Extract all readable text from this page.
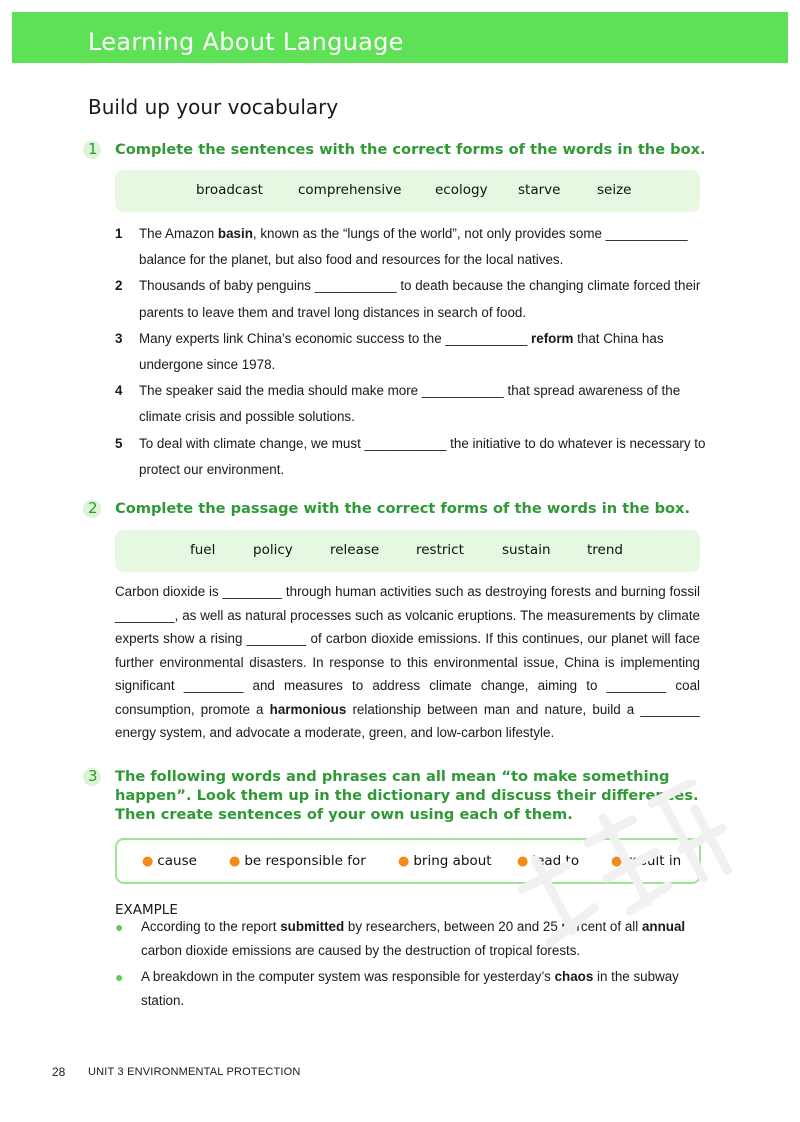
Learning About Language
Build up your vocabulary
1	Complete the sentences with the correct forms of the words in the box.

broadcast	comprehensive ecology starve	seize
1 The Amazon basin, known as the “lungs of the world”, not only provides some ___________ balance for the planet, but also food and resources for the local natives.
2 Thousands of baby penguins ___________ to death because the changing climate forced their parents to leave them and travel long distances in search of food.
3 Many experts link China’s economic success to the ___________ reform that China has undergone since 1978.
4 The speaker said the media should make more ___________ that spread awareness of the climate crisis and possible solutions.
5 To deal with climate change, we must ___________ the initiative to do whatever is necessary to protect our environment.
2	Complete the passage with the correct forms of the words in the box.

fuel	policy	release	restrict	sustain	trend

Carbon dioxide is ________ through human activities such as destroying forests and burning fossil ________, as well as natural processes such as volcanic eruptions. The measurements by climate experts show a rising ________ of carbon dioxide emissions. If this continues, our planet will face further environmental disasters. In response to this environmental issue, China is implementing significant ________ and measures to address climate change, aiming to ________ coal consumption, promote a harmonious relationship between man and nature, build a ________ energy system, and advocate a moderate, green, and low-carbon lifestyle.

3	The following words and phrases can all mean “to make something happen”. Look them up in the dictionary and discuss their differences. Then create sentences of your own using each of them.

● cause ● be responsible for ● bring about ● lead to ● result in
EXAMPLE
● According to the report submitted by researchers, between 20 and 25 percent of all annual carbon dioxide emissions are caused by the destruction of tropical forests.
● A breakdown in the computer system was responsible for yesterday’s chaos in the subway station.
28 UNIT 3 ENVIRONMENTAL PROTECTION
